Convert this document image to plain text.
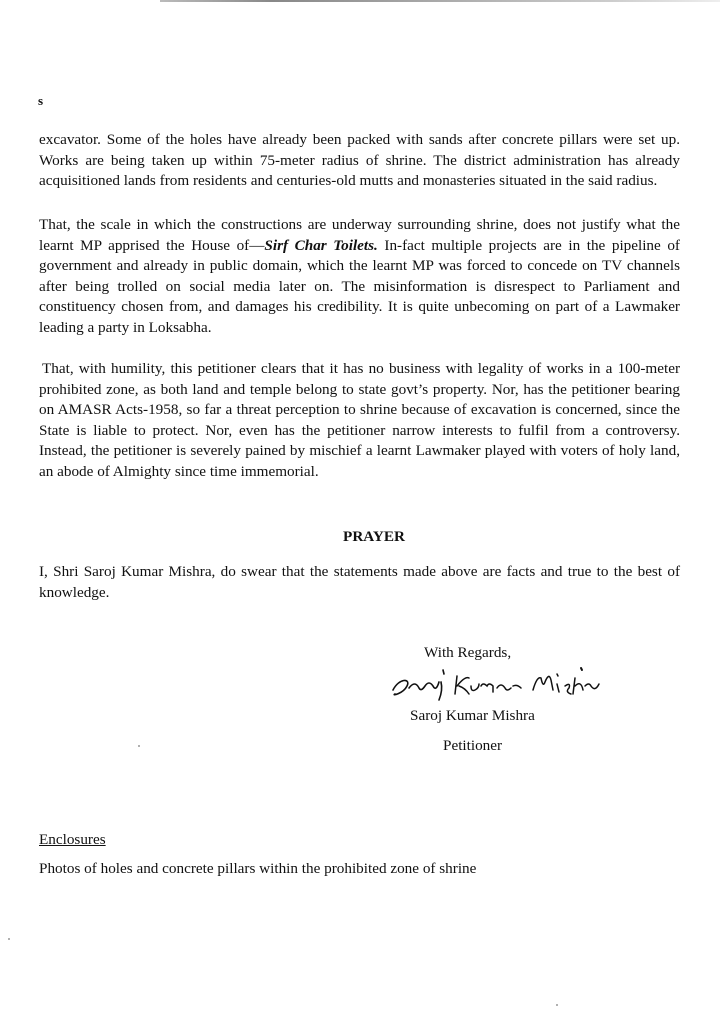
s
excavator. Some of the holes have already been packed with sands after concrete pillars were set up. Works are being taken up within 75-meter radius of shrine. The district administration has already acquisitioned lands from residents and centuries-old mutts and monasteries situated in the said radius.
That, the scale in which the constructions are underway surrounding shrine, does not justify what the learnt MP apprised the House of—Sirf Char Toilets. In-fact multiple projects are in the pipeline of government and already in public domain, which the learnt MP was forced to concede on TV channels after being trolled on social media later on. The misinformation is disrespect to Parliament and constituency chosen from, and damages his credibility. It is quite unbecoming on part of a Lawmaker leading a party in Loksabha.
That, with humility, this petitioner clears that it has no business with legality of works in a 100-meter prohibited zone, as both land and temple belong to state govt’s property. Nor, has the petitioner bearing on AMASR Acts-1958, so far a threat perception to shrine because of excavation is concerned, since the State is liable to protect. Nor, even has the petitioner narrow interests to fulfil from a controversy. Instead, the petitioner is severely pained by mischief a learnt Lawmaker played with voters of holy land, an abode of Almighty since time immemorial.
PRAYER
I, Shri Saroj Kumar Mishra, do swear that the statements made above are facts and true to the best of knowledge.
With Regards,
Saroj Kumar Mishra
Petitioner
Enclosures
Photos of holes and concrete pillars within the prohibited zone of shrine
